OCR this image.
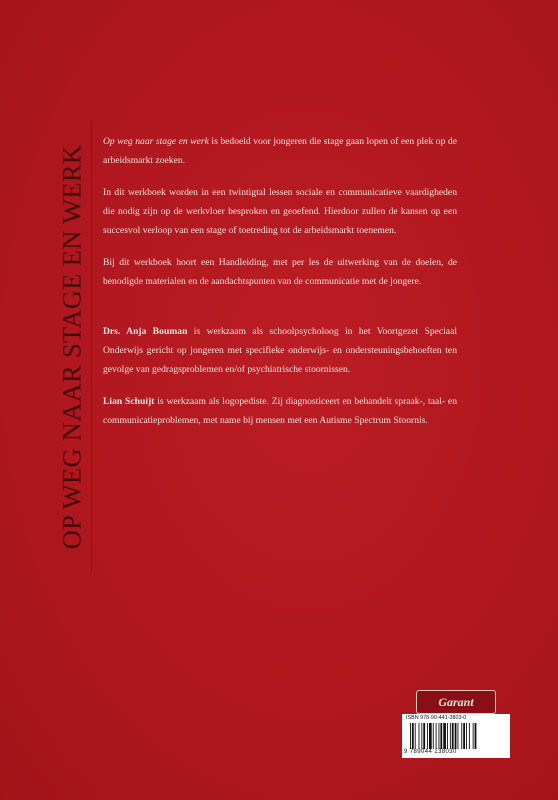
OP WEG NAAR STAGE EN WERK

Op weg naar stage en werk is bedoeld voor jongeren die stage gaan lopen of een plek op de arbeidsmarkt zoeken.

In dit werkboek worden in een twintigtal lessen sociale en communicatieve vaardigheden die nodig zijn op de werkvloer besproken en geoefend. Hierdoor zullen de kansen op een succesvol verloop van een stage of toetreding tot de arbeidsmarkt toenemen.

Bij dit werkboek hoort een Handleiding, met per les de uitwerking van de doelen, de benodigde materialen en de aandachtspunten van de communicatie met de jongere.

Drs. Anja Bouman is werkzaam als schoolpsycholoog in het Voortgezet Speciaal Onderwijs gericht op jongeren met specifieke onderwijs- en ondersteuningsbehoeften ten gevolge van gedragsproblemen en/of psychiatrische stoornissen.

Lian Schuijt is werkzaam als logopediste. Zij diagnosticeert en behandelt spraak-, taal- en communicatieproblemen, met name bij mensen met een Autisme Spectrum Stoornis.

Garant
ISBN 978-90-441-3803-0
9 789044 138030
